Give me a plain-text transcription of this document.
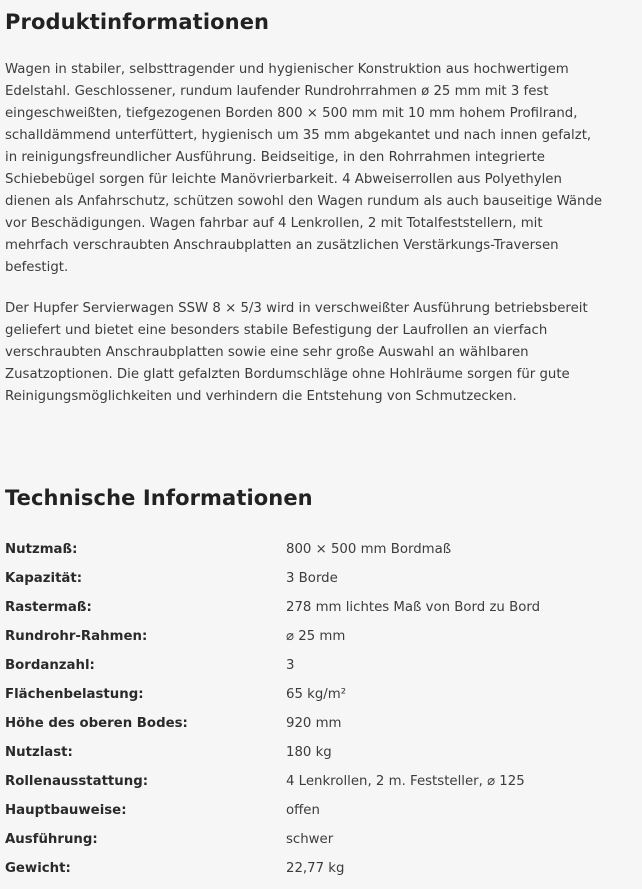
Produktinformationen

Wagen in stabiler, selbsttragender und hygienischer Konstruktion aus hochwertigem Edelstahl. Geschlossener, rundum laufender Rundrohrrahmen ø 25 mm mit 3 fest eingeschweißten, tiefgezogenen Borden 800 × 500 mm mit 10 mm hohem Profilrand, schalldämmend unterfüttert, hygienisch um 35 mm abgekantet und nach innen gefalzt, in reinigungsfreundlicher Ausführung. Beidseitige, in den Rohrrahmen integrierte Schiebebügel sorgen für leichte Manövrierbarkeit. 4 Abweiserrollen aus Polyethylen dienen als Anfahrschutz, schützen sowohl den Wagen rundum als auch bauseitige Wände vor Beschädigungen. Wagen fahrbar auf 4 Lenkrollen, 2 mit Totalfeststellern, mit mehrfach verschraubten Anschraubplatten an zusätzlichen Verstärkungs-Traversen befestigt.

Der Hupfer Servierwagen SSW 8 × 5/3 wird in verschweißter Ausführung betriebsbereit geliefert und bietet eine besonders stabile Befestigung der Laufrollen an vierfach verschraubten Anschraubplatten sowie eine sehr große Auswahl an wählbaren Zusatzoptionen. Die glatt gefalzten Bordumschläge ohne Hohlräume sorgen für gute Reinigungsmöglichkeiten und verhindern die Entstehung von Schmutzecken.

Technische Informationen
Nutzmaß:	800 × 500 mm Bordmaß
Kapazität:	3 Borde
Rastermaß:	278 mm lichtes Maß von Bord zu Bord
Rundrohr-Rahmen:	⌀ 25 mm
Bordanzahl:	3
Flächenbelastung:	65 kg/m²
Höhe des oberen Bodes:	920 mm
Nutzlast:	180 kg
Rollenausstattung:	4 Lenkrollen, 2 m. Feststeller, ⌀ 125
Hauptbauweise:	offen
Ausführung:	schwer
Gewicht:	22,77 kg
